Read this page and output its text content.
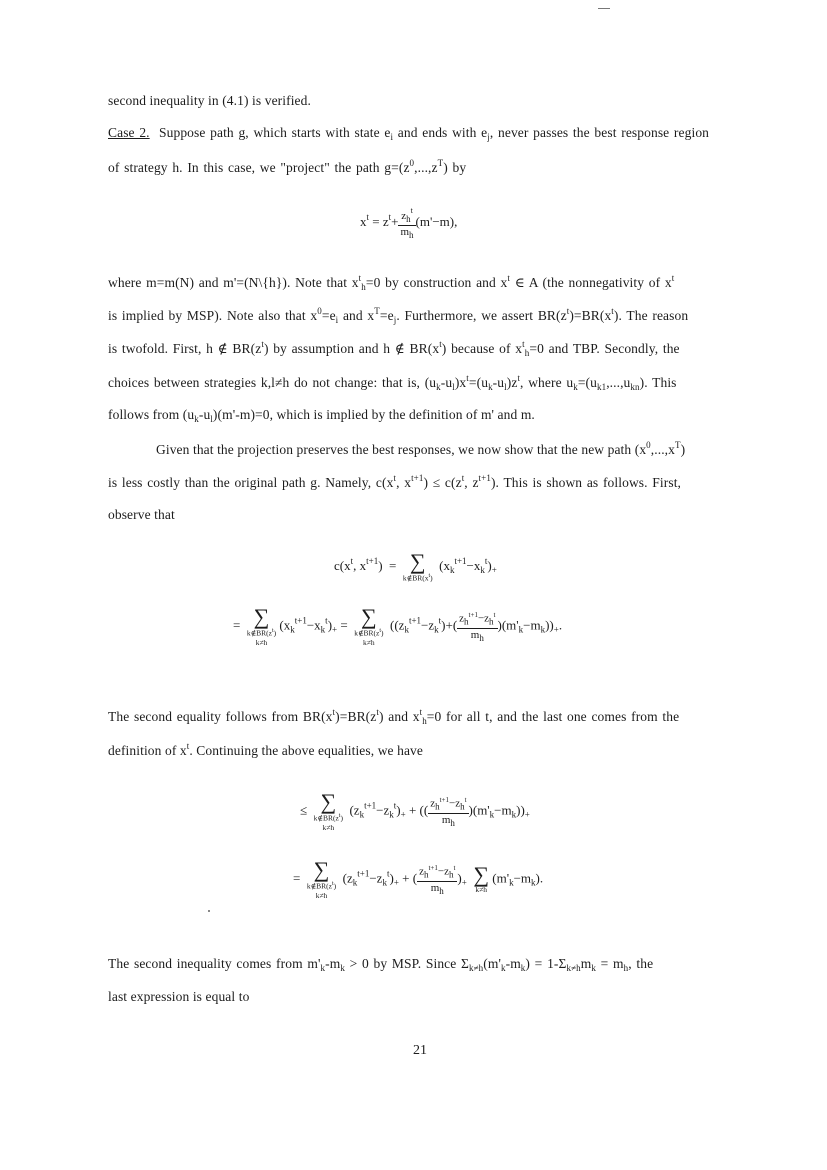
second inequality in (4.1) is verified.
Case 2. Suppose path g, which starts with state $e_i$ and ends with $e_j$, never passes the best response region
of strategy h. In this case, we "project" the path $g=(z^0,...,z^T)$ by
$x^t = z^t+ \frac{z_h^t}{m_h} (m'-m)$,
where m=m(N) and m'=(N\{h}). Note that $x^t_h=0$ by construction and $x^t$ ∈ A (the nonnegativity of $x^t$
is implied by MSP). Note also that $x^0=e_i$ and $x^T=e_j$. Furthermore, we assert $BR(z^t)=BR(x^t)$. The reason
is twofold. First, h ∉ $BR(z^t)$ by assumption and h ∉ $BR(x^t)$ because of $x^t_h=0$ and TBP. Secondly, the
choices between strategies k,l≠h do not change: that is, $(u_k-u_l)x^t=(u_k-u_l)z^t$, where $u_k=(u_{k1},...,u_{kn})$. This
follows from $(u_k-u_l)(m'-m)=0$, which is implied by the definition of m' and m.
Given that the projection preserves the best responses, we now show that the new path $(x^0,...,x^T)$
is less costly than the original path g. Namely, $c(x^t$, $x^{t+1}) \le c(z^t$, $z^{t+1}$). This is shown as follows. First,
observe that
$c(x^t$, $x^{t+1}$)  = ∑
$k\notin BR(x^t)$
$(x_k^{t+1}-x_k^t)_+$
= ∑
$k\notin BR(z^t)$
k≠h
$(x_k^{t+1}-x_k^t)_+$ = ∑
$k\notin BR(z^t)$
k≠h
$((z_k^{t+1}-z_k^t)+( \frac{z_h^{t+1}-z_h^t}{m_h} )(m'_k-m_k))_+$.
The second equality follows from $BR(x^t)=BR(z^t)$ and $x^t_h=0$ for all t, and the last one comes from the
definition of $x^t$. Continuing the above equalities, we have
≤ ∑
$k\notin BR(z^t)$
k≠h
$(z_k^{t+1}-z_k^t)_+$ + (( $\frac{z_h^{t+1}-z_h^t}{m_h} )(m'_k-m_k))_+$
= ∑
$k\notin BR(z^t)$
k≠h
$(z_k^{t+1}-z_k^t)_+$ + ( $\frac{z_h^{t+1}-z_h^t}{m_h} )_+$ ∑
k≠h
$(m'_k-m_k)$.
The second inequality comes from $m'_k-m_k > 0$ by MSP. Since $\Sigma_{k\ne h}(m'_k-m_k) = 1-\Sigma_{k\ne h}m_k = m_h$, the
last expression is equal to
21
